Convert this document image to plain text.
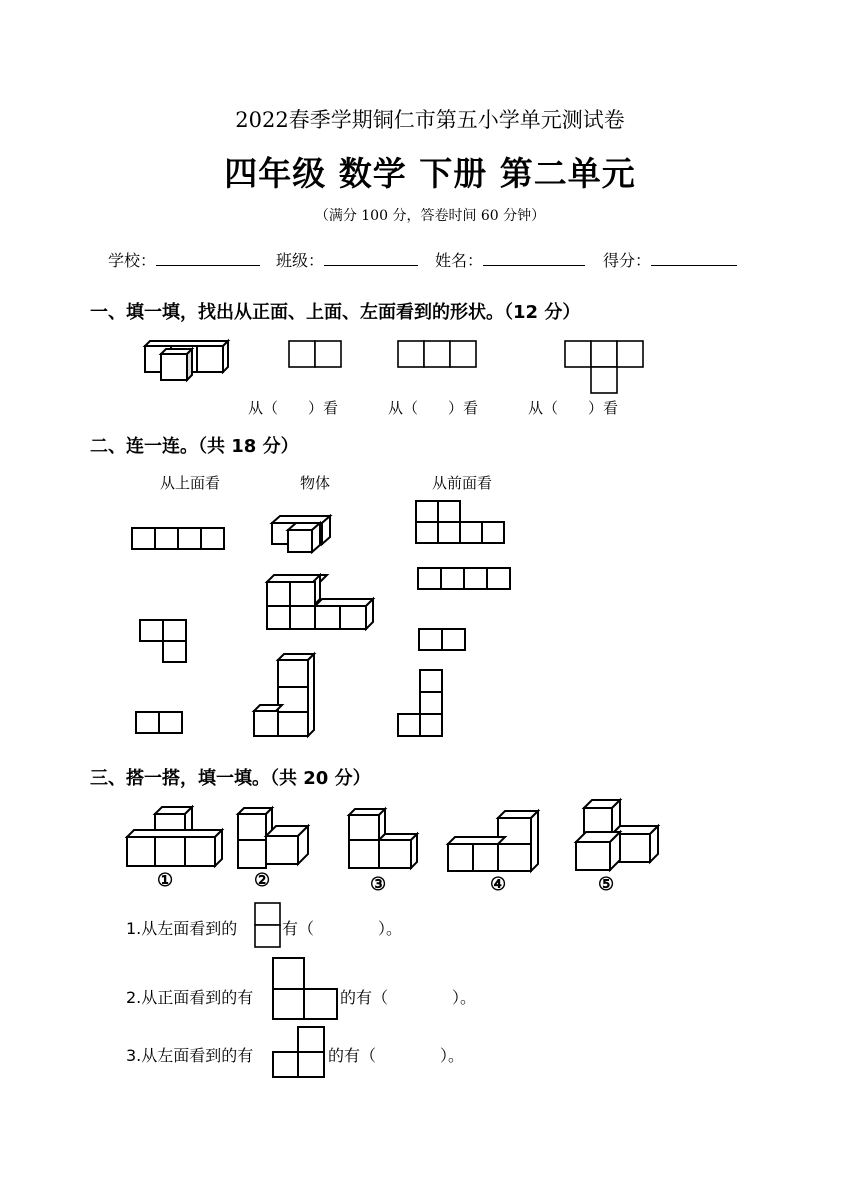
2022春季学期铜仁市第五小学单元测试卷
四年级 数学 下册 第二单元
（满分 100 分，答卷时间 60 分钟）
学校：	班级：	姓名：	得分：
一、填一填，找出从正面、上面、左面看到的形状。（12 分）
从（　　）看	从（　　）看	从（　　）看
二、连一连。（共 18 分）
从上面看	物体	从前面看
三、搭一搭，填一填。（共 20 分）
①	②	③	④	⑤
1.从左面看到的	有（　　　　）。
2.从正面看到的有	的有（　　　　）。
3.从左面看到的有	的有（　　　　）。
